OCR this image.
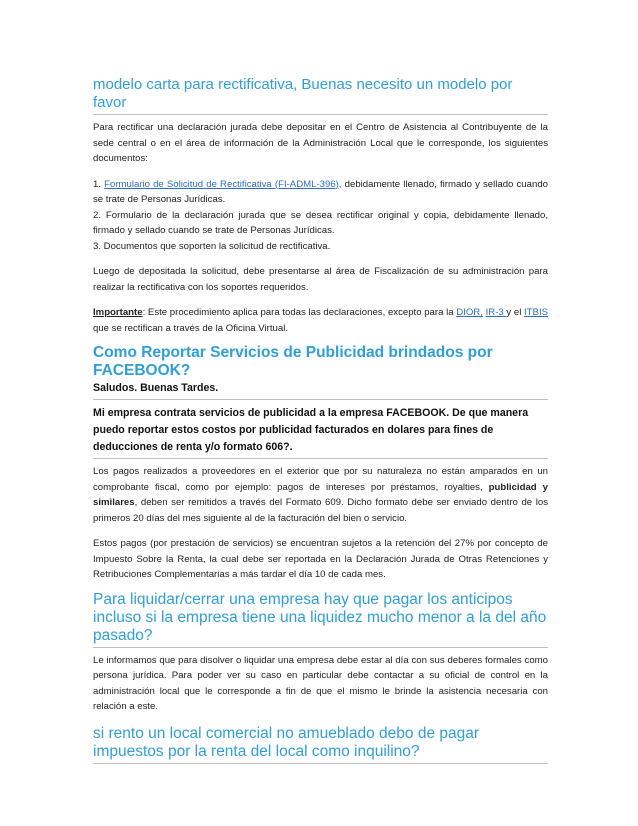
modelo carta para rectificativa, Buenas necesito un modelo por favor

Para rectificar una declaración jurada debe depositar en el Centro de Asistencia al Contribuyente de la sede central o en el área de información de la Administración Local que le corresponde, los siguientes documentos:

1. Formulario de Solicitud de Rectificativa (FI-ADML-396), debidamente llenado, firmado y sellado cuando se trate de Personas Jurídicas.

2. Formulario de la declaración jurada que se desea rectificar original y copia, debidamente llenado, firmado y sellado cuando se trate de Personas Jurídicas.

3. Documentos que soporten la solicitud de rectificativa.

Luego de depositada la solicitud, debe presentarse al área de Fiscalización de su administración para realizar la rectificativa con los soportes requeridos.

Importante: Este procedimiento aplica para todas las declaraciones, excepto para la DIOR, IR-3 y el ITBIS que se rectifican a través de la Oficina Virtual.

Como Reportar Servicios de Publicidad brindados por FACEBOOK?

Saludos. Buenas Tardes.

Mi empresa contrata servicios de publicidad a la empresa FACEBOOK. De que manera puedo reportar estos costos por publicidad facturados en dolares para fines de deducciones de renta y/o formato 606?.

Los pagos realizados a proveedores en el exterior que por su naturaleza no están amparados en un comprobante fiscal, como por ejemplo: pagos de intereses por préstamos, royalties, publicidad y similares, deben ser remitidos a través del Formato 609. Dicho formato debe ser enviado dentro de los primeros 20 días del mes siguiente al de la facturación del bien o servicio.

Estos pagos (por prestación de servicios) se encuentran sujetos a la retención del 27% por concepto de Impuesto Sobre la Renta, la cual debe ser reportada en la Declaración Jurada de Otras Retenciones y Retribuciones Complementarias a más tardar el día 10 de cada mes.

Para liquidar/cerrar una empresa hay que pagar los anticipos incluso si la empresa tiene una liquidez mucho menor a la del año pasado?

Le informamos que para disolver o liquidar una empresa debe estar al día con sus deberes formales como persona jurídica. Para poder ver su caso en particular debe contactar a su oficial de control en la administración local que le corresponde a fin de que el mismo le brinde la asistencia necesaria con relación a este.

si rento un local comercial no amueblado debo de pagar impuestos por la renta del local como inquilino?
